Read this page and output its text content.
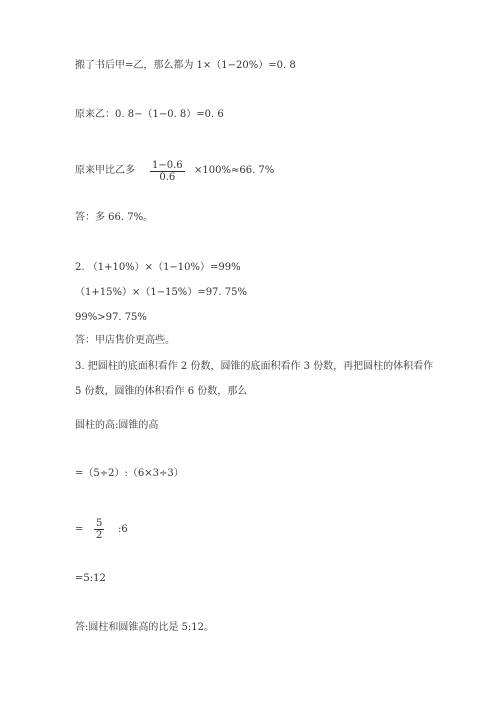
搬了书后甲=乙，那么都为 1×（1−20%）=0. 8
原来乙：0. 8−（1−0. 8）=0. 6
原来甲比乙多 $\frac{1-0.6}{0.6} \times 100\%\approx 66$. 7%
答：多 66. 7%。
2. （1+10%）×（1−10%）=99%
（1+15%）×（1−15%）=97. 75%
99%>97. 75%
答：甲店售价更高些。
3. 把圆柱的底面积看作 2 份数，圆锥的底面积看作 3 份数，再把圆柱的体积看作
5 份数，圆锥的体积看作 6 份数，那么
圆柱的高:圆锥的高
=（5÷2）:（6×3÷3）
= $\frac{5}{2}$ :6
=5:12
答:圆柱和圆锥高的比是 5:12。
